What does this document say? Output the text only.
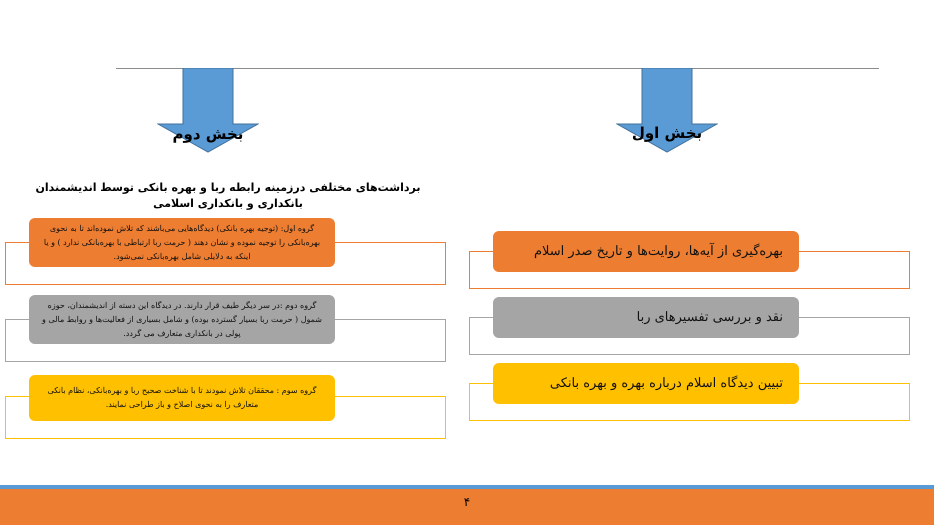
بخش دوم	بخش اول
برداشت‌های مختلفی درزمینه رابطه ربا و بهره بانکی توسط اندیشمندان بانکداری و بانکداری اسلامی
گروه اول: (توجیه بهره بانکی) دیدگاه‌هایی می‌باشند که تلاش نموده‌اند تا به نحوی بهره‌بانکی را توجیه نموده و نشان دهند ( حرمت ربا ارتباطی با بهره‌بانکی ندارد ) و یا اینکه به دلایلی شامل بهره‌بانکی نمی‌شود.
گروه دوم :در سر دیگر طیف قرار دارند. در دیدگاه این دسته از اندیشمندان، حوزه شمول ( حرمت ربا بسیار گسترده بوده) و شامل بسیاری از فعالیت‌ها و روابط مالی و پولی در بانکداری متعارف می گردد.
گروه سوم : محققان تلاش نمودند تا با شناخت صحیح ربا و بهره‌بانکی، نظام بانکی متعارف را به نحوی اصلاح و باز طراحی نمایند.
بهره‌گیری از آیه‌ها، روایت‌ها و تاریخ صدر اسلام
نقد و بررسی تفسیرهای ربا
تبیین دیدگاه اسلام درباره بهره و بهره بانکی
۴
